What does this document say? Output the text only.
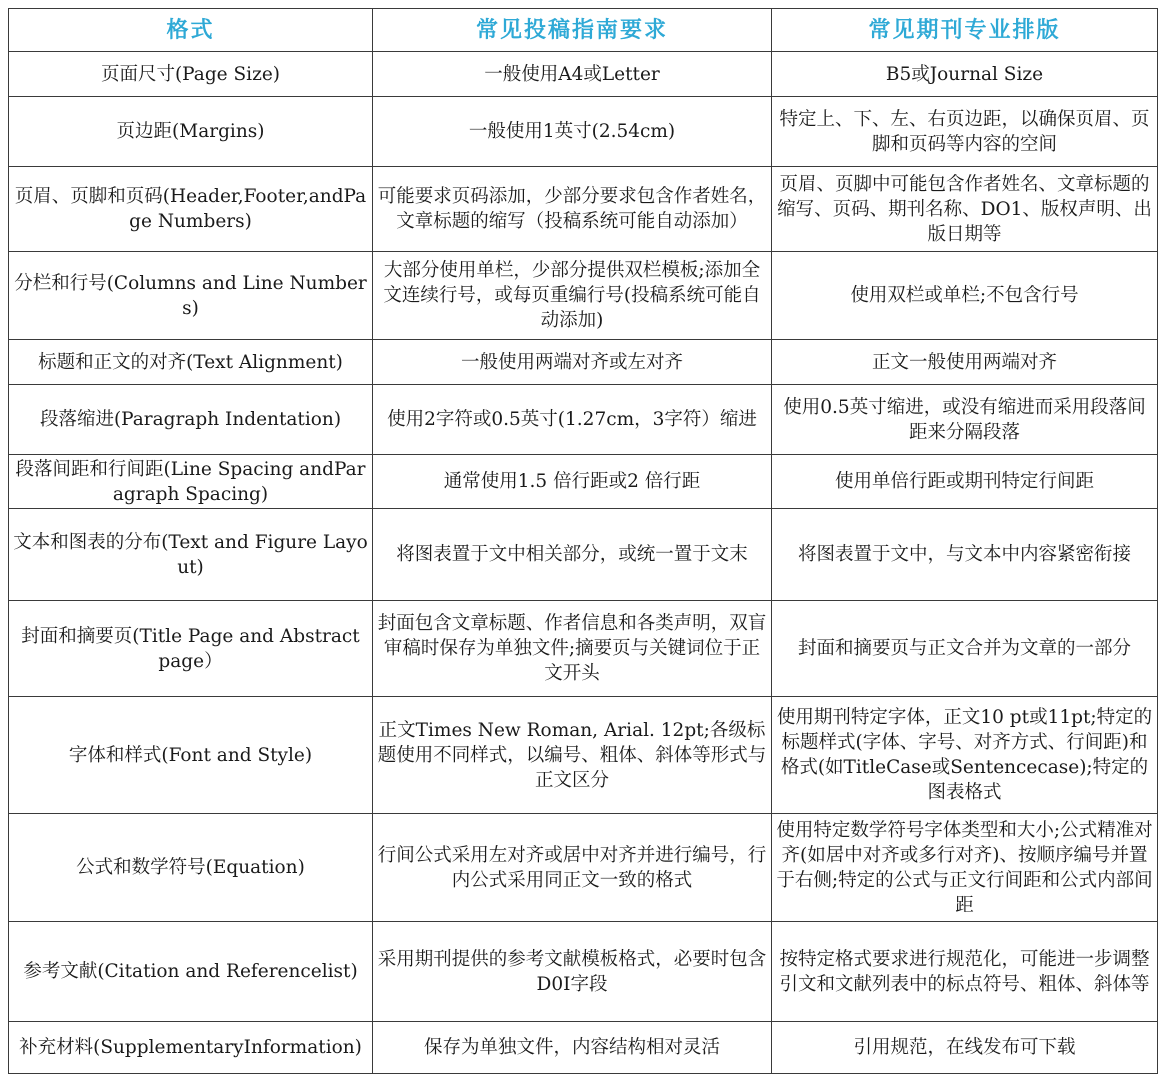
格式	常见投稿指南要求	常见期刊专业排版
页面尺寸(Page Size)	一般使用A4或Letter	B5或Journal Size
页边距(Margins)	一般使用1英寸(2.54cm)	特定上、下、左、右页边距，以确保页眉、页脚和页码等内容的空间
页眉、页脚和页码(Header,Footer,andPage Numbers)	可能要求页码添加，少部分要求包含作者姓名，文章标题的缩写（投稿系统可能自动添加）	页眉、页脚中可能包含作者姓名、文章标题的缩写、页码、期刊名称、DO1、版权声明、出版日期等
分栏和行号(Columns and Line Numbers)	大部分使用单栏，少部分提供双栏模板;添加全文连续行号，或每页重编行号(投稿系统可能自动添加)	使用双栏或单栏;不包含行号
标题和正文的对齐(Text Alignment)	一般使用两端对齐或左对齐	正文一般使用两端对齐
段落缩进(Paragraph Indentation)	使用2字符或0.5英寸(1.27cm，3字符）缩进	使用0.5英寸缩进，或没有缩进而采用段落间距来分隔段落
段落间距和行间距(Line Spacing andParagraph Spacing)	通常使用1.5 倍行距或2 倍行距	使用单倍行距或期刊特定行间距
文本和图表的分布(Text and Figure Layout)	将图表置于文中相关部分，或统一置于文末	将图表置于文中，与文本中内容紧密衔接
封面和摘要页(Title Page and Abstract page）	封面包含文章标题、作者信息和各类声明，双盲审稿时保存为单独文件;摘要页与关键词位于正文开头	封面和摘要页与正文合并为文章的一部分
字体和样式(Font and Style)	正文Times New Roman, Arial. 12pt;各级标题使用不同样式，以编号、粗体、斜体等形式与正文区分	使用期刊特定字体，正文10 pt或11pt;特定的标题样式(字体、字号、对齐方式、行间距)和格式(如TitleCase或Sentencecase);特定的图表格式
公式和数学符号(Equation)	行间公式采用左对齐或居中对齐并进行编号，行内公式采用同正文一致的格式	使用特定数学符号字体类型和大小;公式精准对齐(如居中对齐或多行对齐)、按顺序编号并置于右侧;特定的公式与正文行间距和公式内部间距
参考文献(Citation and Referencelist)	采用期刊提供的参考文献模板格式，必要时包含D0I字段	按特定格式要求进行规范化，可能进一步调整引文和文献列表中的标点符号、粗体、斜体等
补充材料(SupplementaryInformation)	保存为单独文件，内容结构相对灵活	引用规范，在线发布可下载
